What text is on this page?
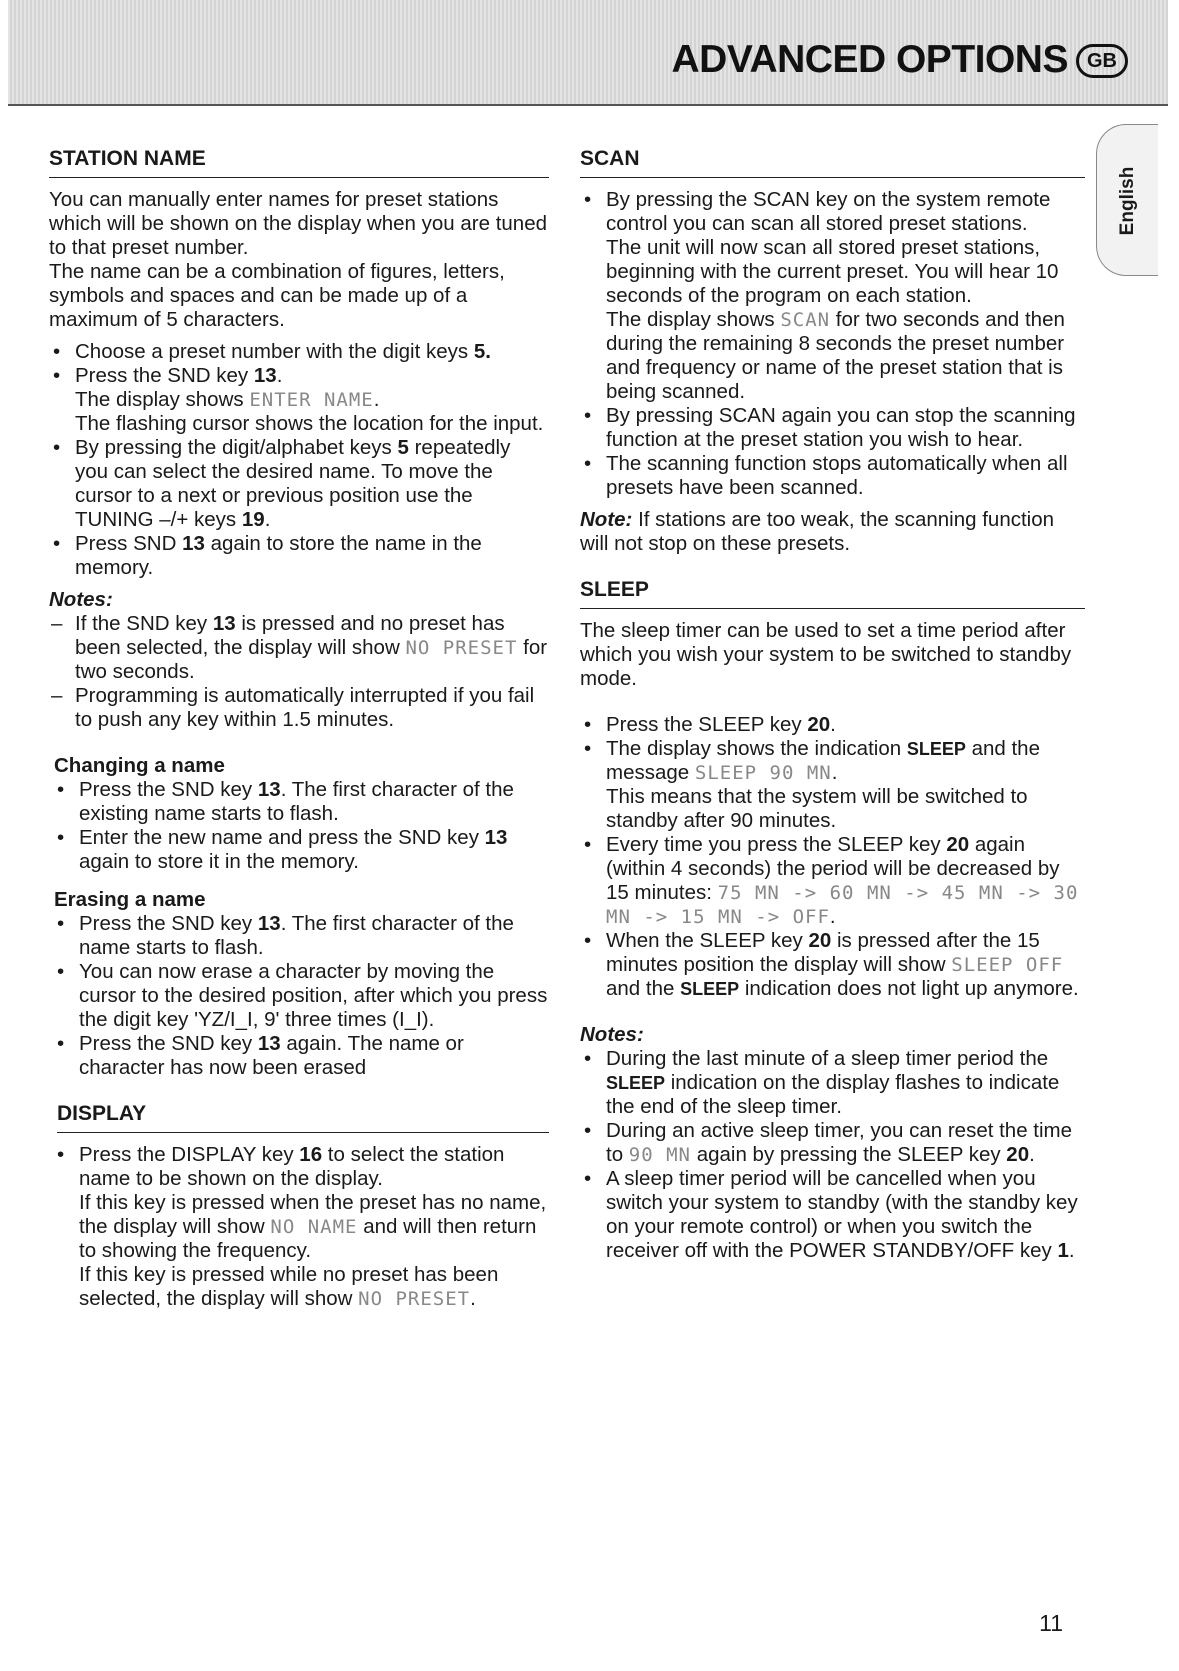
ADVANCED OPTIONS GB
English
STATION NAME

You can manually enter names for preset stations which will be shown on the display when you are tuned to that preset number.

The name can be a combination of figures, letters, symbols and spaces and can be made up of a maximum of 5 characters.

• Choose a preset number with the digit keys 5.
• Press the SND key 13.
The display shows ENTER NAME.
The flashing cursor shows the location for the input.
• By pressing the digit/alphabet keys 5 repeatedly you can select the desired name. To move the cursor to a next or previous position use the TUNING –/+ keys 19.
• Press SND 13 again to store the name in the memory.

Notes:

– If the SND key 13 is pressed and no preset has been selected, the display will show NO PRESET for two seconds.
– Programming is automatically interrupted if you fail to push any key within 1.5 minutes.
Changing a name
• Press the SND key 13. The first character of the existing name starts to flash.
• Enter the new name and press the SND key 13 again to store it in the memory.
Erasing a name
• Press the SND key 13. The first character of the name starts to flash.
• You can now erase a character by moving the cursor to the desired position, after which you press the digit key 'YZ/I_I, 9' three times (I_I).
• Press the SND key 13 again. The name or character has now been erased
DISPLAY
• Press the DISPLAY key 16 to select the station name to be shown on the display.
If this key is pressed when the preset has no name, the display will show NO NAME and will then return to showing the frequency.
If this key is pressed while no preset has been selected, the display will show NO PRESET.
SCAN
• By pressing the SCAN key on the system remote control you can scan all stored preset stations.
The unit will now scan all stored preset stations, beginning with the current preset. You will hear 10 seconds of the program on each station.
The display shows SCAN for two seconds and then during the remaining 8 seconds the preset number and frequency or name of the preset station that is being scanned.
• By pressing SCAN again you can stop the scanning function at the preset station you wish to hear.
• The scanning function stops automatically when all presets have been scanned.

Note: If stations are too weak, the scanning function will not stop on these presets.

SLEEP

The sleep timer can be used to set a time period after which you wish your system to be switched to standby mode.

• Press the SLEEP key 20.
• The display shows the indication SLEEP and the message SLEEP 90 MN.
This means that the system will be switched to standby after 90 minutes.
• Every time you press the SLEEP key 20 again (within 4 seconds) the period will be decreased by 15 minutes: 75 MN -> 60 MN -> 45 MN -> 30 MN -> 15 MN -> OFF.
• When the SLEEP key 20 is pressed after the 15 minutes position the display will show SLEEP OFF and the SLEEP indication does not light up anymore.

Notes:

• During the last minute of a sleep timer period the SLEEP indication on the display flashes to indicate the end of the sleep timer.
• During an active sleep timer, you can reset the time to 90 MN again by pressing the SLEEP key 20.
• A sleep timer period will be cancelled when you switch your system to standby (with the standby key on your remote control) or when you switch the receiver off with the POWER STANDBY/OFF key 1.
11
